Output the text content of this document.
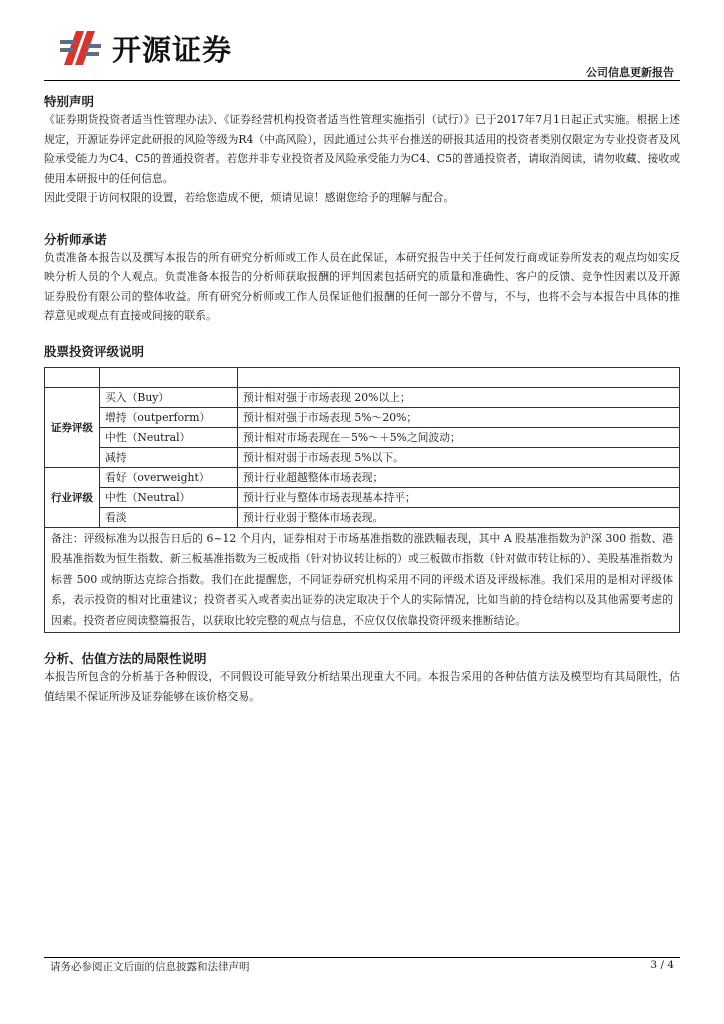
开源证券
公司信息更新报告
特别声明

《证券期货投资者适当性管理办法》、《证券经营机构投资者适当性管理实施指引（试行）》已于2017年7月1日起正式实施。根据上述规定，开源证券评定此研报的风险等级为R4（中高风险），因此通过公共平台推送的研报其适用的投资者类别仅限定为专业投资者及风险承受能力为C4、C5的普通投资者。若您并非专业投资者及风险承受能力为C4、C5的普通投资者，请取消阅读，请勿收藏、接收或使用本研报中的任何信息。

因此受限于访问权限的设置，若给您造成不便，烦请见谅！感谢您给予的理解与配合。

分析师承诺

负责准备本报告以及撰写本报告的所有研究分析师或工作人员在此保证，本研究报告中关于任何发行商或证券所发表的观点均如实反映分析人员的个人观点。负责准备本报告的分析师获取报酬的评判因素包括研究的质量和准确性、客户的反馈、竞争性因素以及开源证券股份有限公司的整体收益。所有研究分析师或工作人员保证他们报酬的任何一部分不曾与，不与，也将不会与本报告中具体的推荐意见或观点有直接或间接的联系。

股票投资评级说明

证券评级	买入（Buy）	预计相对强于市场表现 20%以上；
	增持（outperform）	预计相对强于市场表现 5%～20%；
	中性（Neutral）	预计相对市场表现在－5%～＋5%之间波动；
	减持	预计相对弱于市场表现 5%以下。
行业评级	看好（overweight）	预计行业超越整体市场表现；
	中性（Neutral）	预计行业与整体市场表现基本持平；
	看淡	预计行业弱于整体市场表现。
备注：评级标准为以报告日后的 6~12 个月内，证券相对于市场基准指数的涨跌幅表现，其中 A 股基准指数为沪深 300 指数、港股基准指数为恒生指数、新三板基准指数为三板成指（针对协议转让标的）或三板做市指数（针对做市转让标的）、美股基准指数为标普 500 或纳斯达克综合指数。我们在此提醒您，不同证券研究机构采用不同的评级术语及评级标准。我们采用的是相对评级体系，表示投资的相对比重建议；投资者买入或者卖出证券的决定取决于个人的实际情况，比如当前的持仓结构以及其他需要考虑的因素。投资者应阅读整篇报告，以获取比较完整的观点与信息，不应仅仅依靠投资评级来推断结论。		
分析、估值方法的局限性说明

本报告所包含的分析基于各种假设，不同假设可能导致分析结果出现重大不同。本报告采用的各种估值方法及模型均有其局限性，估值结果不保证所涉及证券能够在该价格交易。

请务必参阅正文后面的信息披露和法律声明	3 / 4
